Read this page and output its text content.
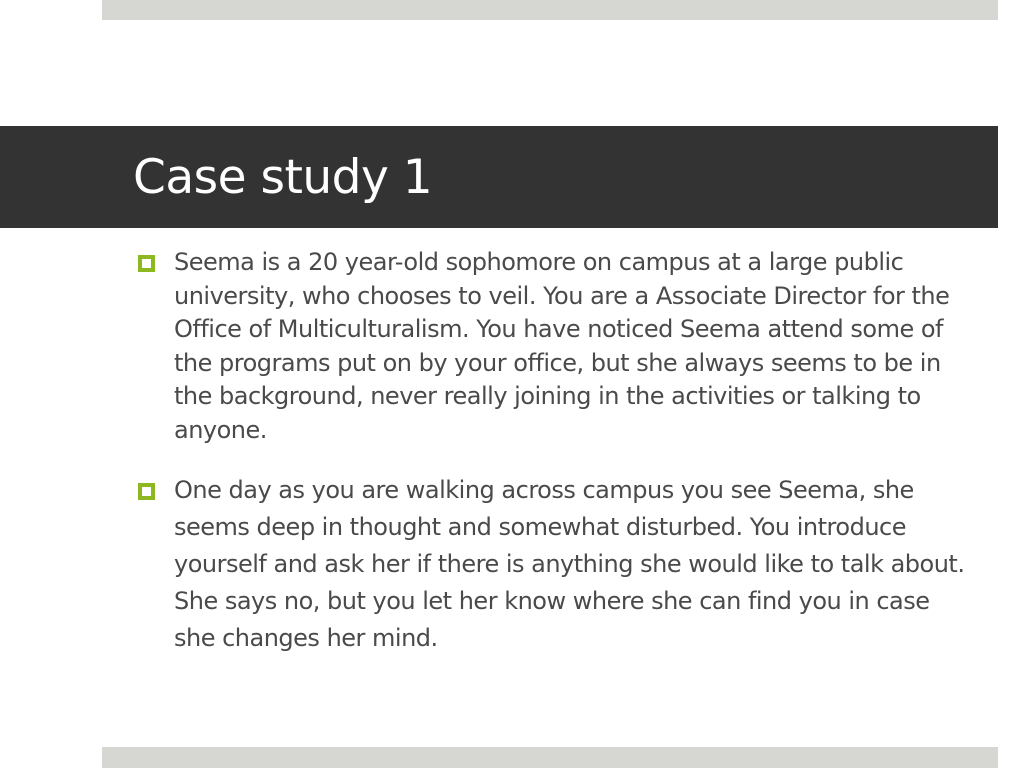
Case study 1
Seema is a 20 year-old sophomore on campus at a large public university, who chooses to veil. You are a Associate Director for the Office of Multiculturalism. You have noticed Seema attend some of the programs put on by your office, but she always seems to be in the background, never really joining in the activities or talking to anyone.
One day as you are walking across campus you see Seema, she seems deep in thought and somewhat disturbed. You introduce yourself and ask her if there is anything she would like to talk about. She says no, but you let her know where she can find you in case she changes her mind.
